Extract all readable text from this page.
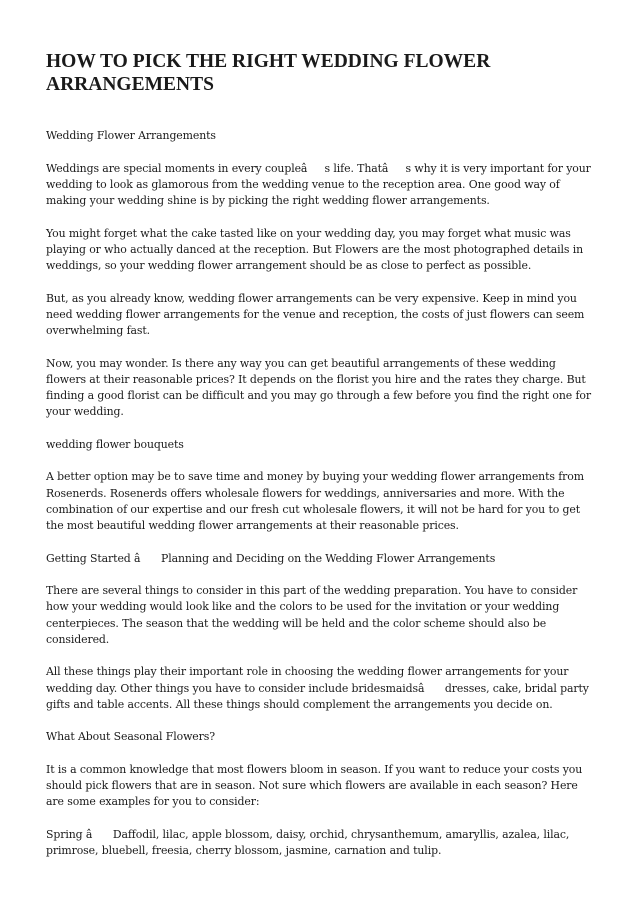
HOW TO PICK THE RIGHT WEDDING FLOWER ARRANGEMENTS

Wedding Flower Arrangements

Weddings are special moments in every coupleâs life. Thatâs why it is very important for your wedding to look as glamorous from the wedding venue to the reception area. One good way of making your wedding shine is by picking the right wedding flower arrangements.

You might forget what the cake tasted like on your wedding day, you may forget what music was playing or who actually danced at the reception. But Flowers are the most photographed details in weddings, so your wedding flower arrangement should be as close to perfect as possible.

But, as you already know, wedding flower arrangements can be very expensive. Keep in mind you need wedding flower arrangements for the venue and reception, the costs of just flowers can seem overwhelming fast.

Now, you may wonder. Is there any way you can get beautiful arrangements of these wedding flowers at their reasonable prices? It depends on the florist you hire and the rates they charge. But finding a good florist can be difficult and you may go through a few before you find the right one for your wedding.

wedding flower bouquets

A better option may be to save time and money by buying your wedding flower arrangements from Rosenerds. Rosenerds offers wholesale flowers for weddings, anniversaries and more. With the combination of our expertise and our fresh cut wholesale flowers, it will not be hard for you to get the most beautiful wedding flower arrangements at their reasonable prices.

Getting Started â Planning and Deciding on the Wedding Flower Arrangements

There are several things to consider in this part of the wedding preparation. You have to consider how your wedding would look like and the colors to be used for the invitation or your wedding centerpieces. The season that the wedding will be held and the color scheme should also be considered.

All these things play their important role in choosing the wedding flower arrangements for your wedding day. Other things you have to consider include bridesmaidsâ dresses, cake, bridal party gifts and table accents. All these things should complement the arrangements you decide on.

What About Seasonal Flowers?

It is a common knowledge that most flowers bloom in season. If you want to reduce your costs you should pick flowers that are in season. Not sure which flowers are available in each season? Here are some examples for you to consider:

Spring â Daffodil, lilac, apple blossom, daisy, orchid, chrysanthemum, amaryllis, azalea, lilac, primrose, bluebell, freesia, cherry blossom, jasmine, carnation and tulip.
